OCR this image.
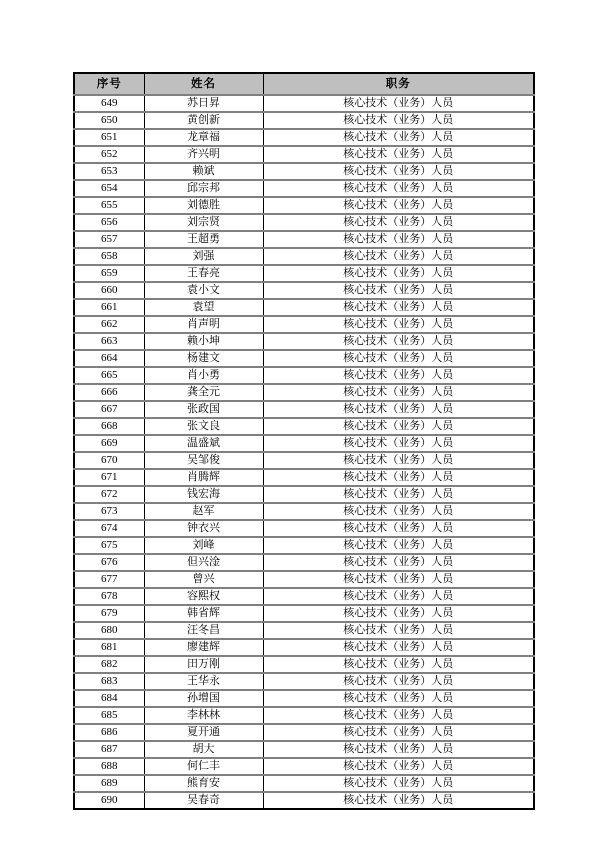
序号	姓名	职务
649	苏日昇	核心技术（业务）人员
650	黄创新	核心技术（业务）人员
651	龙章福	核心技术（业务）人员
652	齐兴明	核心技术（业务）人员
653	赖斌	核心技术（业务）人员
654	邱宗邦	核心技术（业务）人员
655	刘德胜	核心技术（业务）人员
656	刘宗贤	核心技术（业务）人员
657	王超勇	核心技术（业务）人员
658	刘强	核心技术（业务）人员
659	王春亮	核心技术（业务）人员
660	袁小文	核心技术（业务）人员
661	袁望	核心技术（业务）人员
662	肖声明	核心技术（业务）人员
663	赖小坤	核心技术（业务）人员
664	杨建文	核心技术（业务）人员
665	肖小勇	核心技术（业务）人员
666	龚全元	核心技术（业务）人员
667	张政国	核心技术（业务）人员
668	张文良	核心技术（业务）人员
669	温盛斌	核心技术（业务）人员
670	吴邹俊	核心技术（业务）人员
671	肖腾辉	核心技术（业务）人员
672	钱宏海	核心技术（业务）人员
673	赵军	核心技术（业务）人员
674	钟衣兴	核心技术（业务）人员
675	刘峰	核心技术（业务）人员
676	但兴淦	核心技术（业务）人员
677	曾兴	核心技术（业务）人员
678	容熙权	核心技术（业务）人员
679	韩省辉	核心技术（业务）人员
680	汪冬昌	核心技术（业务）人员
681	廖建辉	核心技术（业务）人员
682	田万刚	核心技术（业务）人员
683	王华永	核心技术（业务）人员
684	孙增国	核心技术（业务）人员
685	李林林	核心技术（业务）人员
686	夏开通	核心技术（业务）人员
687	胡大	核心技术（业务）人员
688	何仁丰	核心技术（业务）人员
689	熊育安	核心技术（业务）人员
690	吴春奇	核心技术（业务）人员
